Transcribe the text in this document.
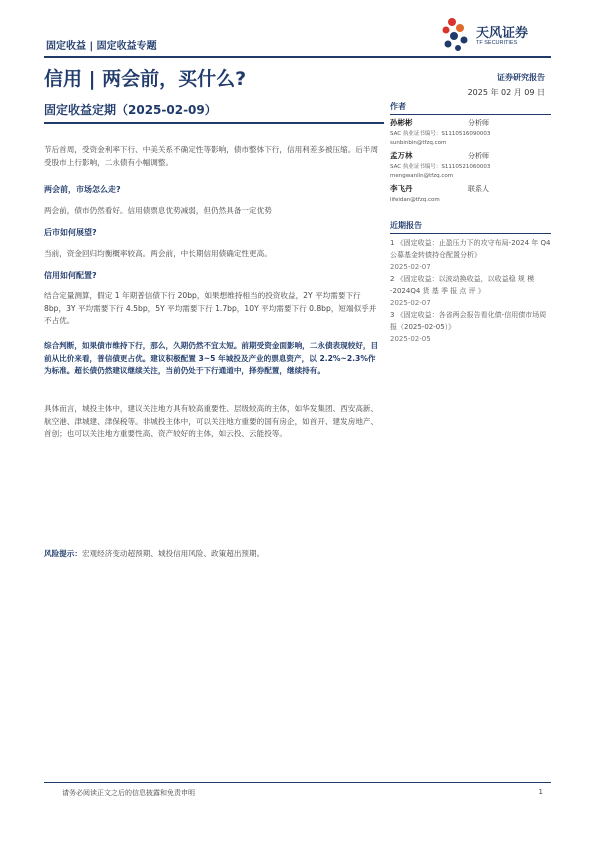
固定收益 | 固定收益专题
天风证券
TF SECURITIES
信用 | 两会前，买什么?
固定收益定期（2025-02-09）
证券研究报告
2025 年 02 月 09 日
作者
孙彬彬	分析师
SAC 执业证书编号：S1110516090003
sunbinbin@tfzq.com
孟万林	分析师
SAC 执业证书编号：S1110521060003
mengwanlin@tfzq.com
李飞丹	联系人
lifeidan@tfzq.com
近期报告
1 《固定收益：止盈压力下的攻守布局-2024 年 Q4 公募基金转债持仓配置分析》
2025-02-07
2 《固定收益：以波动换收益，以收益稳 规 模 -2024Q4 货 基 季 报 点 评 》
2025-02-07
3 《固定收益：各省两会报告看化债-信用债市场周报（2025-02-05）》
2025-02-05
节后首周，受资金利率下行、中美关系不确定性等影响，债市整体下行，信用利差多被压缩。后半周受股市上行影响，二永债有小幅调整。
两会前，市场怎么走?
两会前，债市仍然看好。信用债票息优势减弱，但仍然具备一定优势
后市如何展望?
当前，资金回归均衡概率较高。两会前，中长期信用债确定性更高。
信用如何配置?
结合定量测算，假定 1 年期普信债下行 20bp，如果想维持相当的投资收益，2Y 平均需要下行 8bp，3Y 平均需要下行 4.5bp，5Y 平均需要下行 1.7bp，10Y 平均需要下行 0.8bp，短端似乎并不占优。
综合判断，如果债市维持下行，那么，久期仍然不宜太短。前期受资金面影响，二永债表现较好，目前从比价来看，普信债更占优。建议积极配置 3~5 年城投及产业的票息资产，以 2.2%~2.3%作为标准。超长债仍然建议继续关注，当前仍处于下行通道中，择券配置，继续持有。
具体而言，城投主体中，建议关注地方具有较高重要性、层级较高的主体，如华发集团、西安高新、航空港、津城建、津保税等。非城投主体中，可以关注地方重要的国有房企，如首开、建发房地产、首创；也可以关注地方重要性高、资产较好的主体，如云投、云能投等。
风险提示：宏观经济变动超预期、城投信用风险、政策超出预期。
请务必阅读正文之后的信息披露和免责申明	1
